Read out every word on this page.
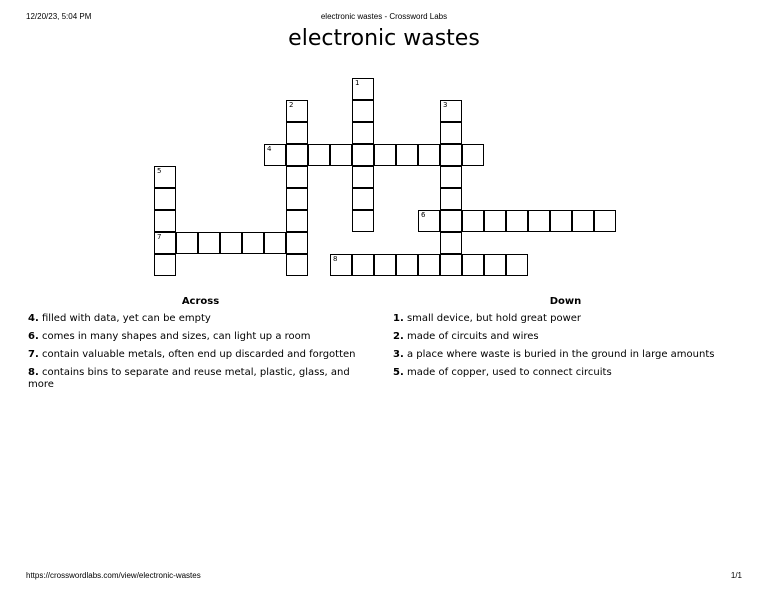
12/20/23, 5:04 PM	electronic wastes - Crossword Labs
electronic wastes
1
2	3
4
5
7
6
8
Across
4. filled with data, yet can be empty
6. comes in many shapes and sizes, can light up a room
7. contain valuable metals, often end up discarded and forgotten
8. contains bins to separate and reuse metal, plastic, glass, and more
Down
1. small device, but hold great power
2. made of circuits and wires
3. a place where waste is buried in the ground in large amounts
5. made of copper, used to connect circuits
https://crosswordlabs.com/view/electronic-wastes	1/1
